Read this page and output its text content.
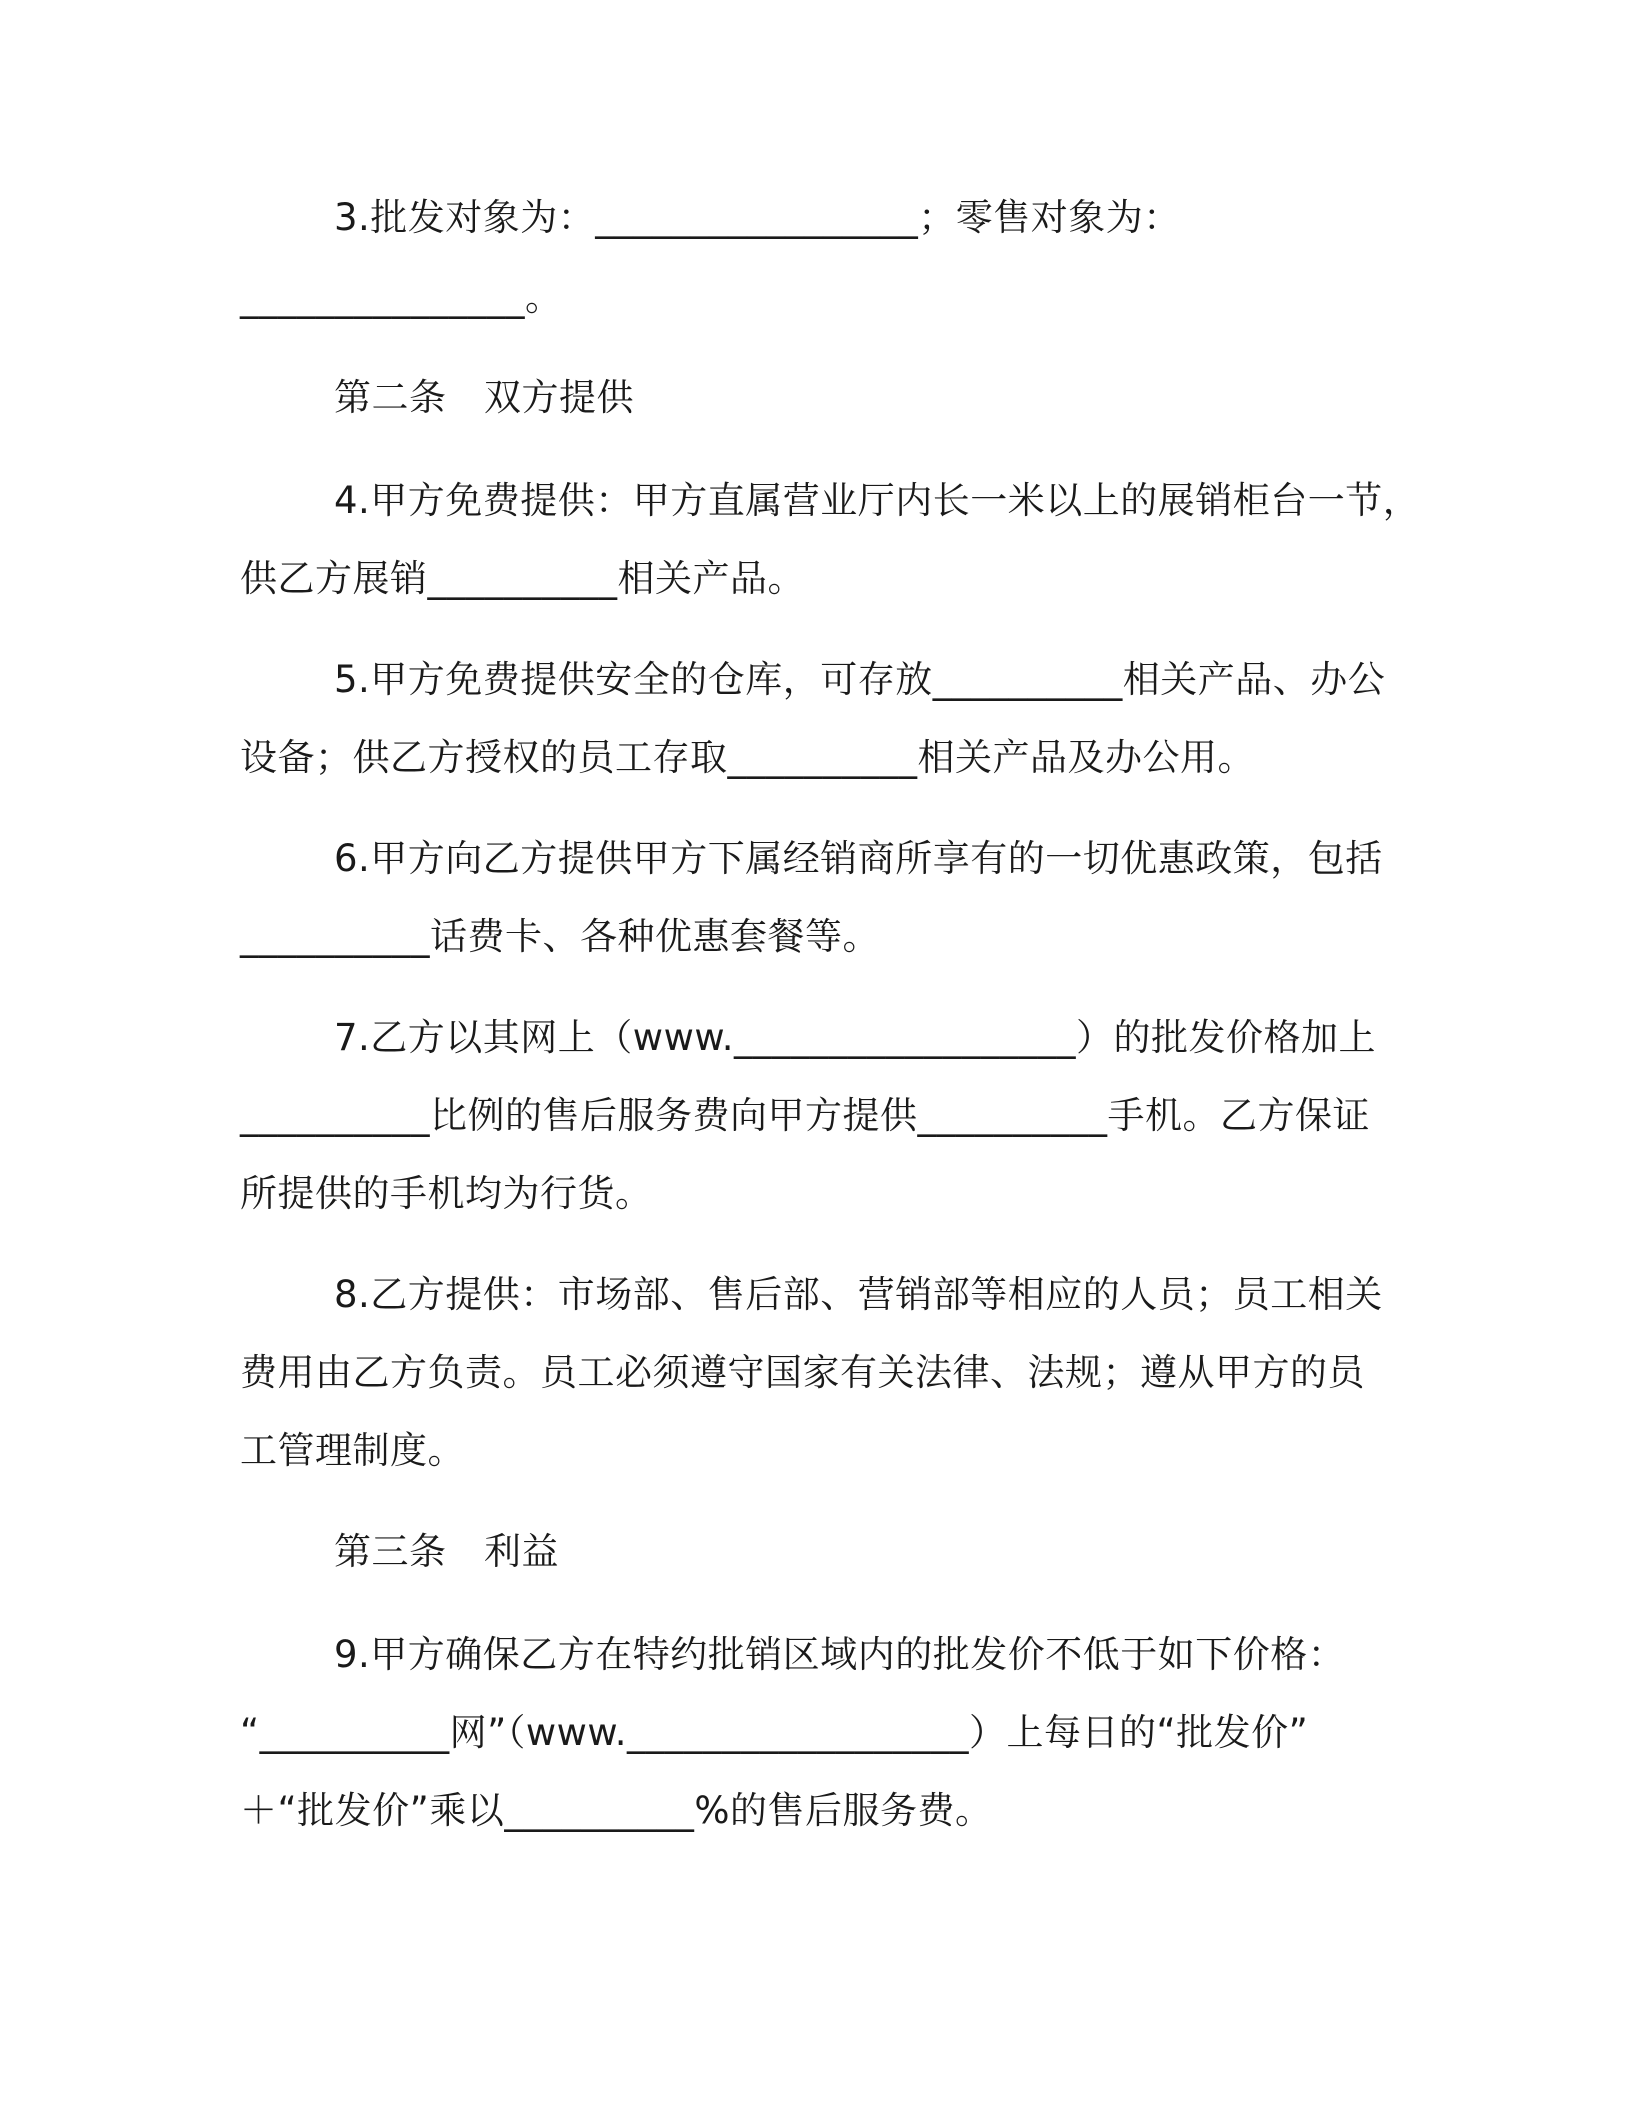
3.批发对象为：_________________；零售对象为：
_______________。
第二条　双方提供
4.甲方免费提供：甲方直属营业厅内长一米以上的展销柜台一节，
供乙方展销__________相关产品。
5.甲方免费提供安全的仓库，可存放__________相关产品、办公
设备；供乙方授权的员工存取__________相关产品及办公用。
6.甲方向乙方提供甲方下属经销商所享有的一切优惠政策，包括
__________话费卡、各种优惠套餐等。
7.乙方以其网上（www.__________________）的批发价格加上
__________比例的售后服务费向甲方提供__________手机。乙方保证
所提供的手机均为行货。
8.乙方提供：市场部、售后部、营销部等相应的人员；员工相关
费用由乙方负责。员工必须遵守国家有关法律、法规；遵从甲方的员
工管理制度。
第三条　利益
9.甲方确保乙方在特约批销区域内的批发价不低于如下价格：
“__________网”（www.__________________）上每日的“批发价”
＋“批发价”乘以__________%的售后服务费。
